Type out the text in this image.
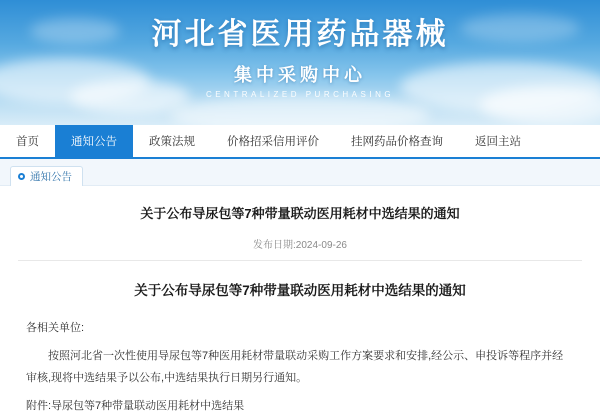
河北省医用药品器械
集中采购中心
CENTRALIZED PURCHASING
首页	通知公告	政策法规	价格招采信用评价	挂网药品价格查询	返回主站
通知公告
关于公布导尿包等7种带量联动医用耗材中选结果的通知
发布日期:2024-09-26
关于公布导尿包等7种带量联动医用耗材中选结果的通知

各相关单位:

按照河北省一次性使用导尿包等7种医用耗材带量联动采购工作方案要求和安排,经公示、申投诉等程序并经审核,现将中选结果予以公布,中选结果执行日期另行通知。

附件:导尿包等7种带量联动医用耗材中选结果
